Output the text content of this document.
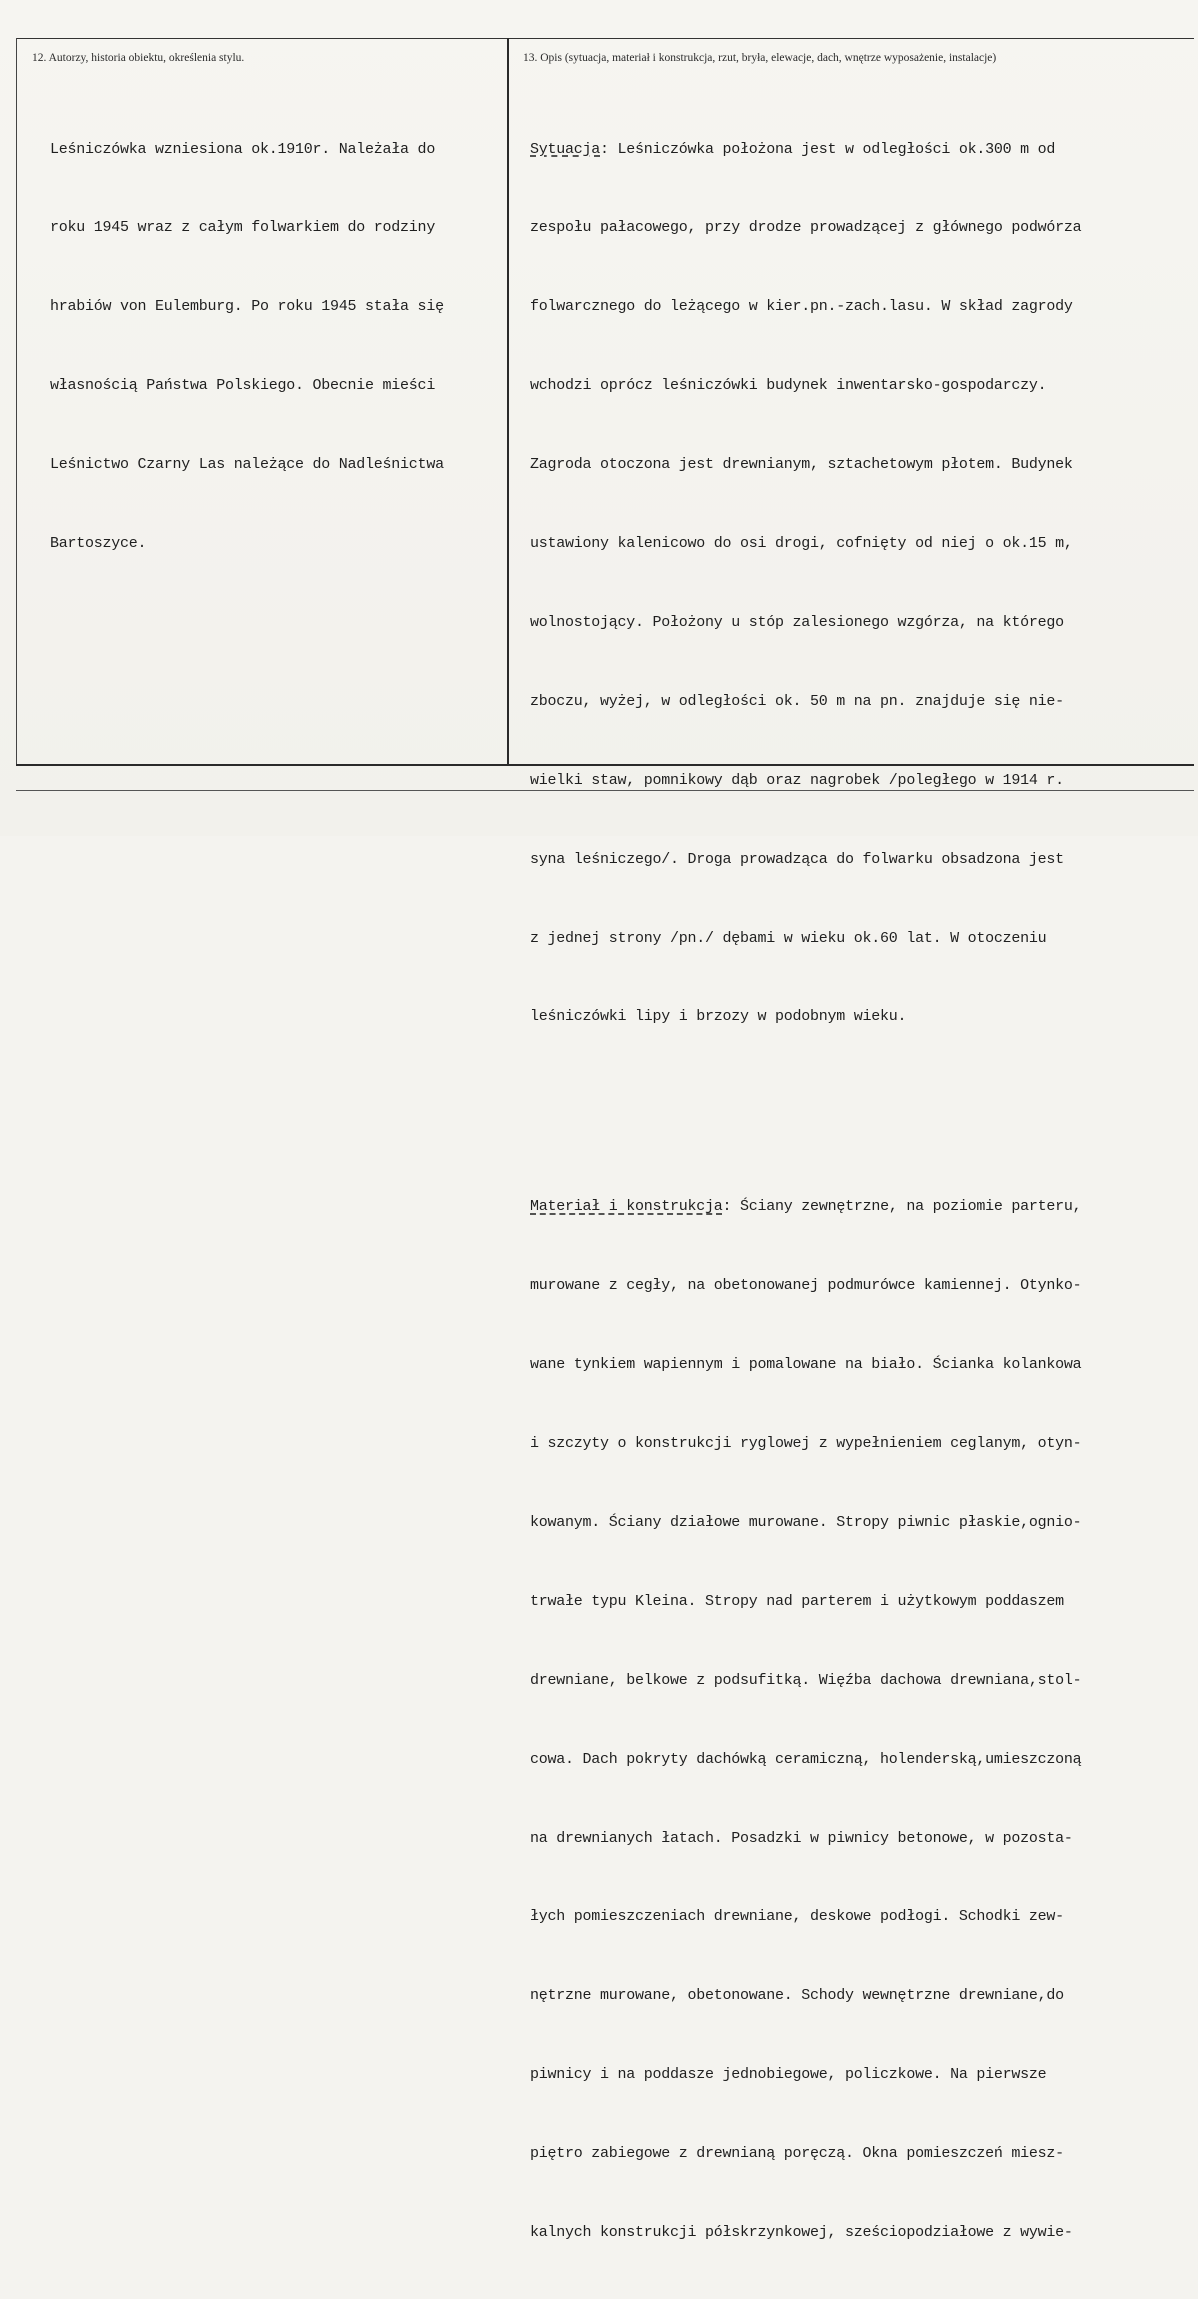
12. Autorzy, historia obiektu, określenia stylu.	13. Opis (sytuacja, materiał i konstrukcja, rzut, bryła, elewacje, dach, wnętrze wyposażenie, instalacje)

Leśniczówka wzniesiona ok.1910r. Należała do

roku 1945 wraz z całym folwarkiem do rodziny

hrabiów von Eulemburg. Po roku 1945 stała się

własnością Państwa Polskiego. Obecnie mieści

Leśnictwo Czarny Las należące do Nadleśnictwa

Bartoszyce.

Sytuacja: Leśniczówka położona jest w odległości ok.300 m od

zespołu pałacowego, przy drodze prowadzącej z głównego podwórza

folwarcznego do leżącego w kier.pn.-zach.lasu. W skład zagrody

wchodzi oprócz leśniczówki budynek inwentarsko-gospodarczy.

Zagroda otoczona jest drewnianym, sztachetowym płotem. Budynek

ustawiony kalenicowo do osi drogi, cofnięty od niej o ok.15 m,

wolnostojący. Położony u stóp zalesionego wzgórza, na którego

zboczu, wyżej, w odległości ok. 50 m na pn. znajduje się nie-

wielki staw, pomnikowy dąb oraz nagrobek /poległego w 1914 r.

syna leśniczego/. Droga prowadząca do folwarku obsadzona jest

z jednej strony /pn./ dębami w wieku ok.60 lat. W otoczeniu

leśniczówki lipy i brzozy w podobnym wieku.

Materiał i konstrukcja: Ściany zewnętrzne, na poziomie parteru,

murowane z cegły, na obetonowanej podmurówce kamiennej. Otynko-

wane tynkiem wapiennym i pomalowane na biało. Ścianka kolankowa

i szczyty o konstrukcji ryglowej z wypełnieniem ceglanym, otyn-

kowanym. Ściany działowe murowane. Stropy piwnic płaskie,ognio-

trwałe typu Kleina. Stropy nad parterem i użytkowym poddaszem

drewniane, belkowe z podsufitką. Więźba dachowa drewniana,stol-

cowa. Dach pokryty dachówką ceramiczną, holenderską,umieszczoną

na drewnianych łatach. Posadzki w piwnicy betonowe, w pozosta-

łych pomieszczeniach drewniane, deskowe podłogi. Schodki zew-

nętrzne murowane, obetonowane. Schody wewnętrzne drewniane,do

piwnicy i na poddasze jednobiegowe, policzkowe. Na pierwsze

piętro zabiegowe z drewnianą poręczą. Okna pomieszczeń miesz-

kalnych konstrukcji półskrzynkowej, sześciopodziałowe z wywie-
